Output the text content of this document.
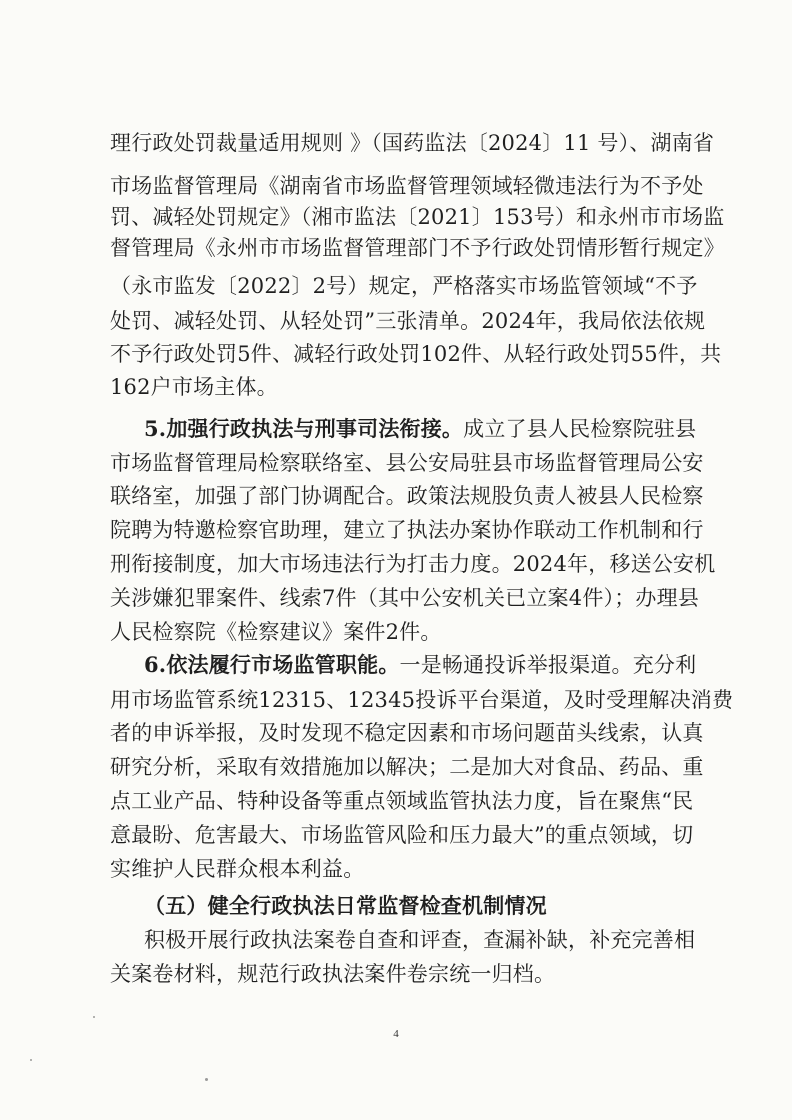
理行政处罚裁量适用规则 》（国药监法〔2024〕11 号）、湖南省
市场监督管理局《湖南省市场监督管理领域轻微违法行为不予处
罚、减轻处罚规定》（湘市监法〔2021〕153号）和永州市市场监
督管理局《永州市市场监督管理部门不予行政处罚情形暂行规定》
（永市监发〔2022〕2号）规定，严格落实市场监管领域“不予
处罚、减轻处罚、从轻处罚”三张清单。2024年，我局依法依规
不予行政处罚5件、减轻行政处罚102件、从轻行政处罚55件，共
162户市场主体。
5.加强行政执法与刑事司法衔接。成立了县人民检察院驻县
市场监督管理局检察联络室、县公安局驻县市场监督管理局公安
联络室，加强了部门协调配合。政策法规股负责人被县人民检察
院聘为特邀检察官助理，建立了执法办案协作联动工作机制和行
刑衔接制度，加大市场违法行为打击力度。2024年，移送公安机
关涉嫌犯罪案件、线索7件（其中公安机关已立案4件）；办理县
人民检察院《检察建议》案件2件。
6.依法履行市场监管职能。一是畅通投诉举报渠道。充分利
用市场监管系统12315、12345投诉平台渠道，及时受理解决消费
者的申诉举报，及时发现不稳定因素和市场问题苗头线索，认真
研究分析，采取有效措施加以解决；二是加大对食品、药品、重
点工业产品、特种设备等重点领域监管执法力度，旨在聚焦“民
意最盼、危害最大、市场监管风险和压力最大”的重点领域，切
实维护人民群众根本利益。
（五）健全行政执法日常监督检查机制情况
积极开展行政执法案卷自查和评查，查漏补缺，补充完善相
关案卷材料，规范行政执法案件卷宗统一归档。
4
